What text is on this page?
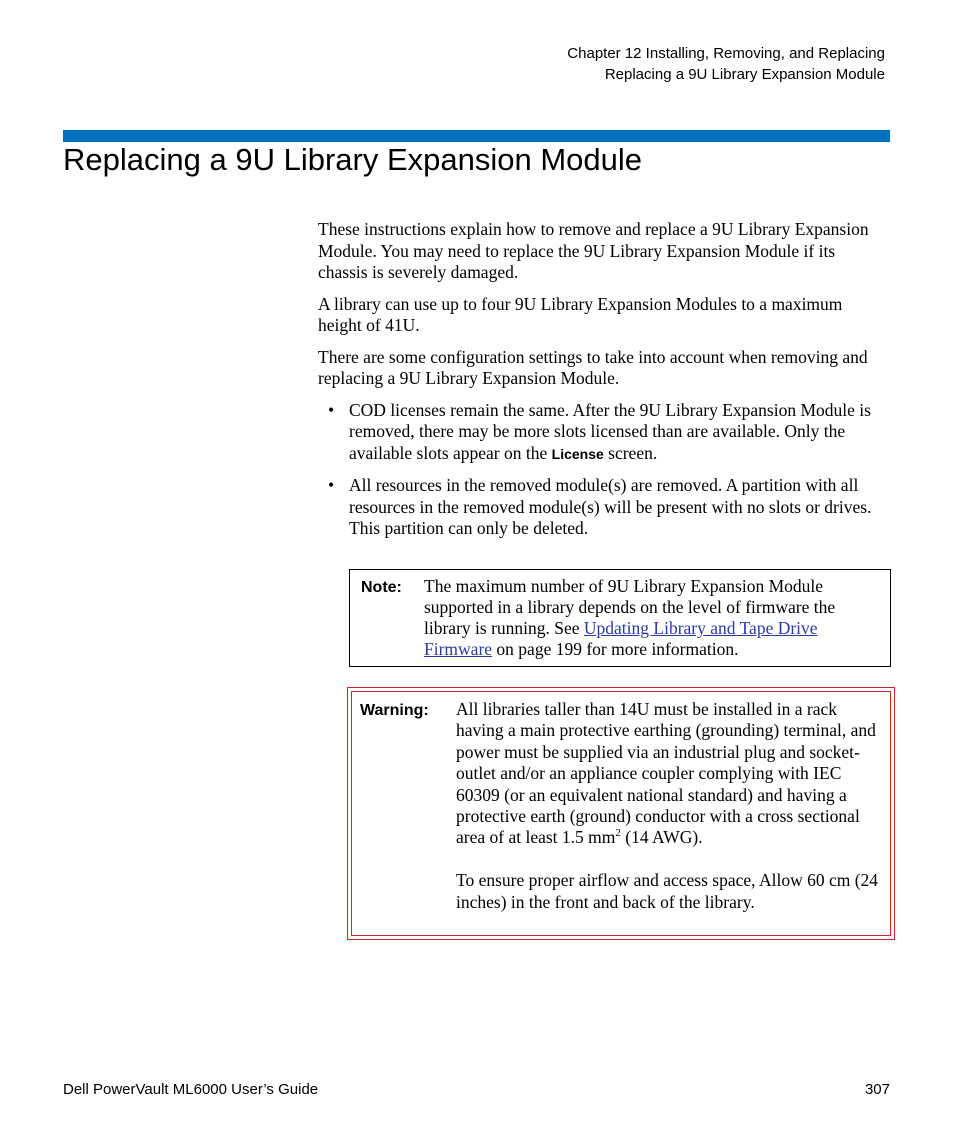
Chapter 12 Installing, Removing, and Replacing
Replacing a 9U Library Expansion Module
Replacing a 9U Library Expansion Module

These instructions explain how to remove and replace a 9U Library Expansion Module. You may need to replace the 9U Library Expansion Module if its chassis is severely damaged.

A library can use up to four 9U Library Expansion Modules to a maximum height of 41U.

There are some configuration settings to take into account when removing and replacing a 9U Library Expansion Module.

• COD licenses remain the same. After the 9U Library Expansion Module is removed, there may be more slots licensed than are available. Only the available slots appear on the License screen.
• All resources in the removed module(s) are removed. A partition with all resources in the removed module(s) will be present with no slots or drives. This partition can only be deleted.
Note: The maximum number of 9U Library Expansion Module supported in a library depends on the level of firmware the library is running. See Updating Library and Tape Drive Firmware on page 199 for more information.
Warning: All libraries taller than 14U must be installed in a rack having a main protective earthing (grounding) terminal, and power must be supplied via an industrial plug and socket-outlet and/or an appliance coupler complying with IEC 60309 (or an equivalent national standard) and having a protective earth (ground) conductor with a cross sectional area of at least 1.5 $mm^2$ (14 AWG).

To ensure proper airflow and access space, Allow 60 cm (24 inches) in the front and back of the library.

Dell PowerVault ML6000 User’s Guide	307
